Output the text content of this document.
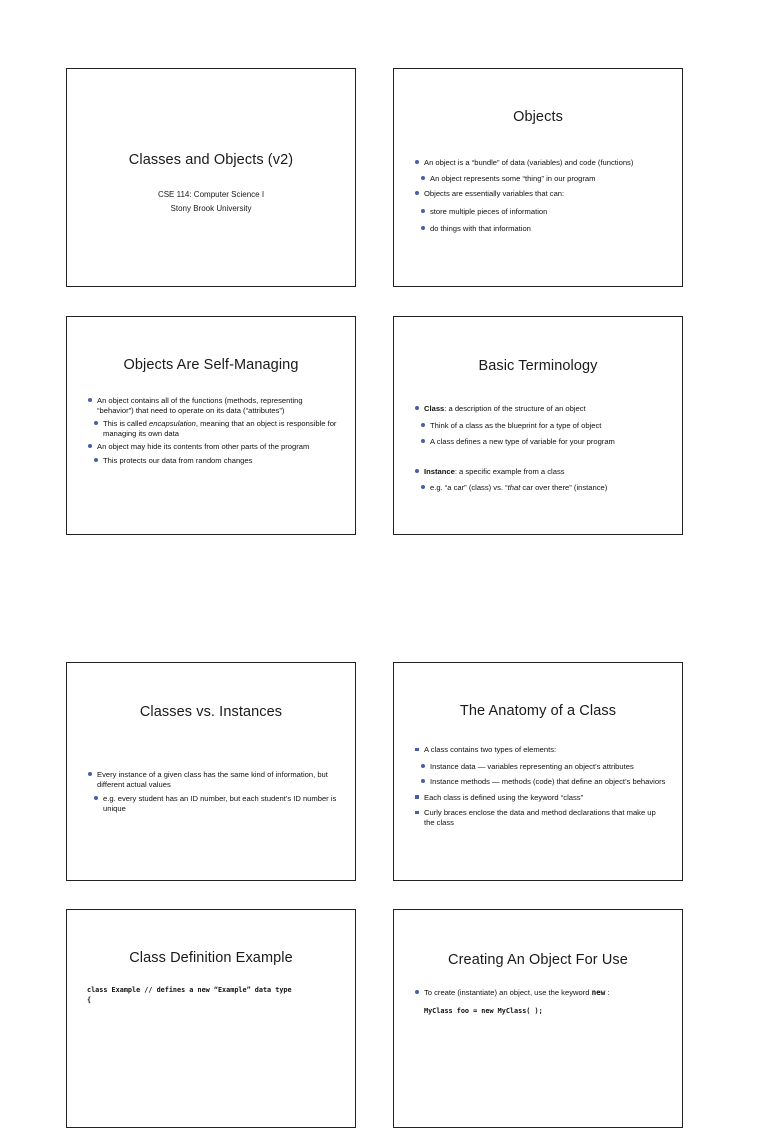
Classes and Objects (v2)
CSE 114: Computer Science I
Stony Brook University
Objects
An object is a “bundle” of data (variables) and code (functions)
An object represents some “thing” in our program
Objects are essentially variables that can:
store multiple pieces of information
do things with that information
Objects Are Self-Managing
An object contains all of the functions (methods, representing “behavior”) that need to operate on its data (“attributes”)
This is called encapsulation, meaning that an object is responsible for managing its own data
An object may hide its contents from other parts of the program
This protects our data from random changes
Basic Terminology
Class: a description of the structure of an object
Think of a class as the blueprint for a type of object
A class defines a new type of variable for your program
Instance: a specific example from a class
e.g. “a car” (class) vs. “that car over there” (instance)
Classes vs. Instances
Every instance of a given class has the same kind of information, but different actual values
e.g. every student has an ID number, but each student’s ID number is unique
The Anatomy of a Class
A class contains two types of elements:
Instance data — variables representing an object’s attributes
Instance methods — methods (code) that define an object’s behaviors
Each class is defined using the keyword “class”
Curly braces enclose the data and method declarations that make up the class
Class Definition Example
class Example // defines a new “Example” data type
{
Creating An Object For Use
To create (instantiate) an object, use the keyword new :
MyClass foo = new MyClass( );
